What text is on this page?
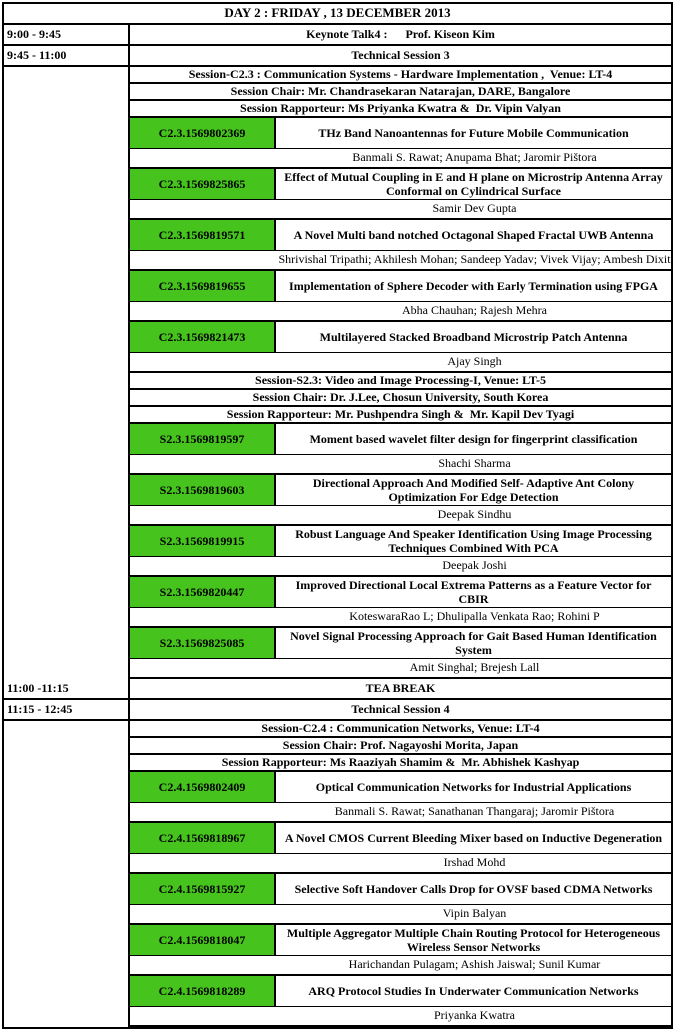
DAY 2 : FRIDAY , 13 DECEMBER 2013
9:00 - 9:45	Keynote Talk4 :      Prof. Kiseon Kim
9:45 - 11:00	Technical Session 3
Session-C2.3 : Communication Systems - Hardware Implementation ,  Venue: LT-4
Session Chair: Mr. Chandrasekaran Natarajan, DARE, Bangalore
Session Rapporteur: Ms Priyanka Kwatra &  Dr. Vipin Valyan
C2.3.1569802369	THz Band Nanoantennas for Future Mobile Communication
Banmali S. Rawat; Anupama Bhat; Jaromir Pištora
C2.3.1569825865	Effect of Mutual Coupling in E and H plane on Microstrip Antenna Array Conformal on Cylindrical Surface
Samir Dev Gupta
C2.3.1569819571	A Novel Multi band notched Octagonal Shaped Fractal UWB Antenna
Shrivishal Tripathi; Akhilesh Mohan; Sandeep Yadav; Vivek Vijay; Ambesh Dixit
C2.3.1569819655	Implementation of Sphere Decoder with Early Termination using FPGA
Abha Chauhan; Rajesh Mehra
C2.3.1569821473	Multilayered Stacked Broadband Microstrip Patch Antenna
Ajay Singh
Session-S2.3: Video and Image Processing-I, Venue: LT-5
Session Chair: Dr. J.Lee, Chosun University, South Korea
Session Rapporteur: Mr. Pushpendra Singh &  Mr. Kapil Dev Tyagi
S2.3.1569819597	Moment based wavelet filter design for fingerprint classification
Shachi Sharma
S2.3.1569819603	Directional Approach And Modified Self- Adaptive Ant Colony Optimization For Edge Detection
Deepak Sindhu
S2.3.1569819915	Robust Language And Speaker Identification Using Image Processing Techniques Combined With PCA
Deepak Joshi
S2.3.1569820447	Improved Directional Local Extrema Patterns as a Feature Vector for CBIR
KoteswaraRao L; Dhulipalla Venkata Rao; Rohini P
S2.3.1569825085	Novel Signal Processing Approach for Gait Based Human Identification System
Amit Singhal; Brejesh Lall
11:00 -11:15	TEA BREAK
11:15 - 12:45	Technical Session 4
Session-C2.4 : Communication Networks, Venue: LT-4
Session Chair: Prof. Nagayoshi Morita, Japan
Session Rapporteur: Ms Raaziyah Shamim &  Mr. Abhishek Kashyap
C2.4.1569802409	Optical Communication Networks for Industrial Applications
Banmali S. Rawat; Sanathanan Thangaraj; Jaromir Pištora
C2.4.1569818967	A Novel CMOS Current Bleeding Mixer based on Inductive Degeneration
Irshad Mohd
C2.4.1569815927	Selective Soft Handover Calls Drop for OVSF based CDMA Networks
Vipin Balyan
C2.4.1569818047	Multiple Aggregator Multiple Chain Routing Protocol for Heterogeneous Wireless Sensor Networks
Harichandan Pulagam; Ashish Jaiswal; Sunil Kumar
C2.4.1569818289	ARQ Protocol Studies In Underwater Communication Networks
Priyanka Kwatra
